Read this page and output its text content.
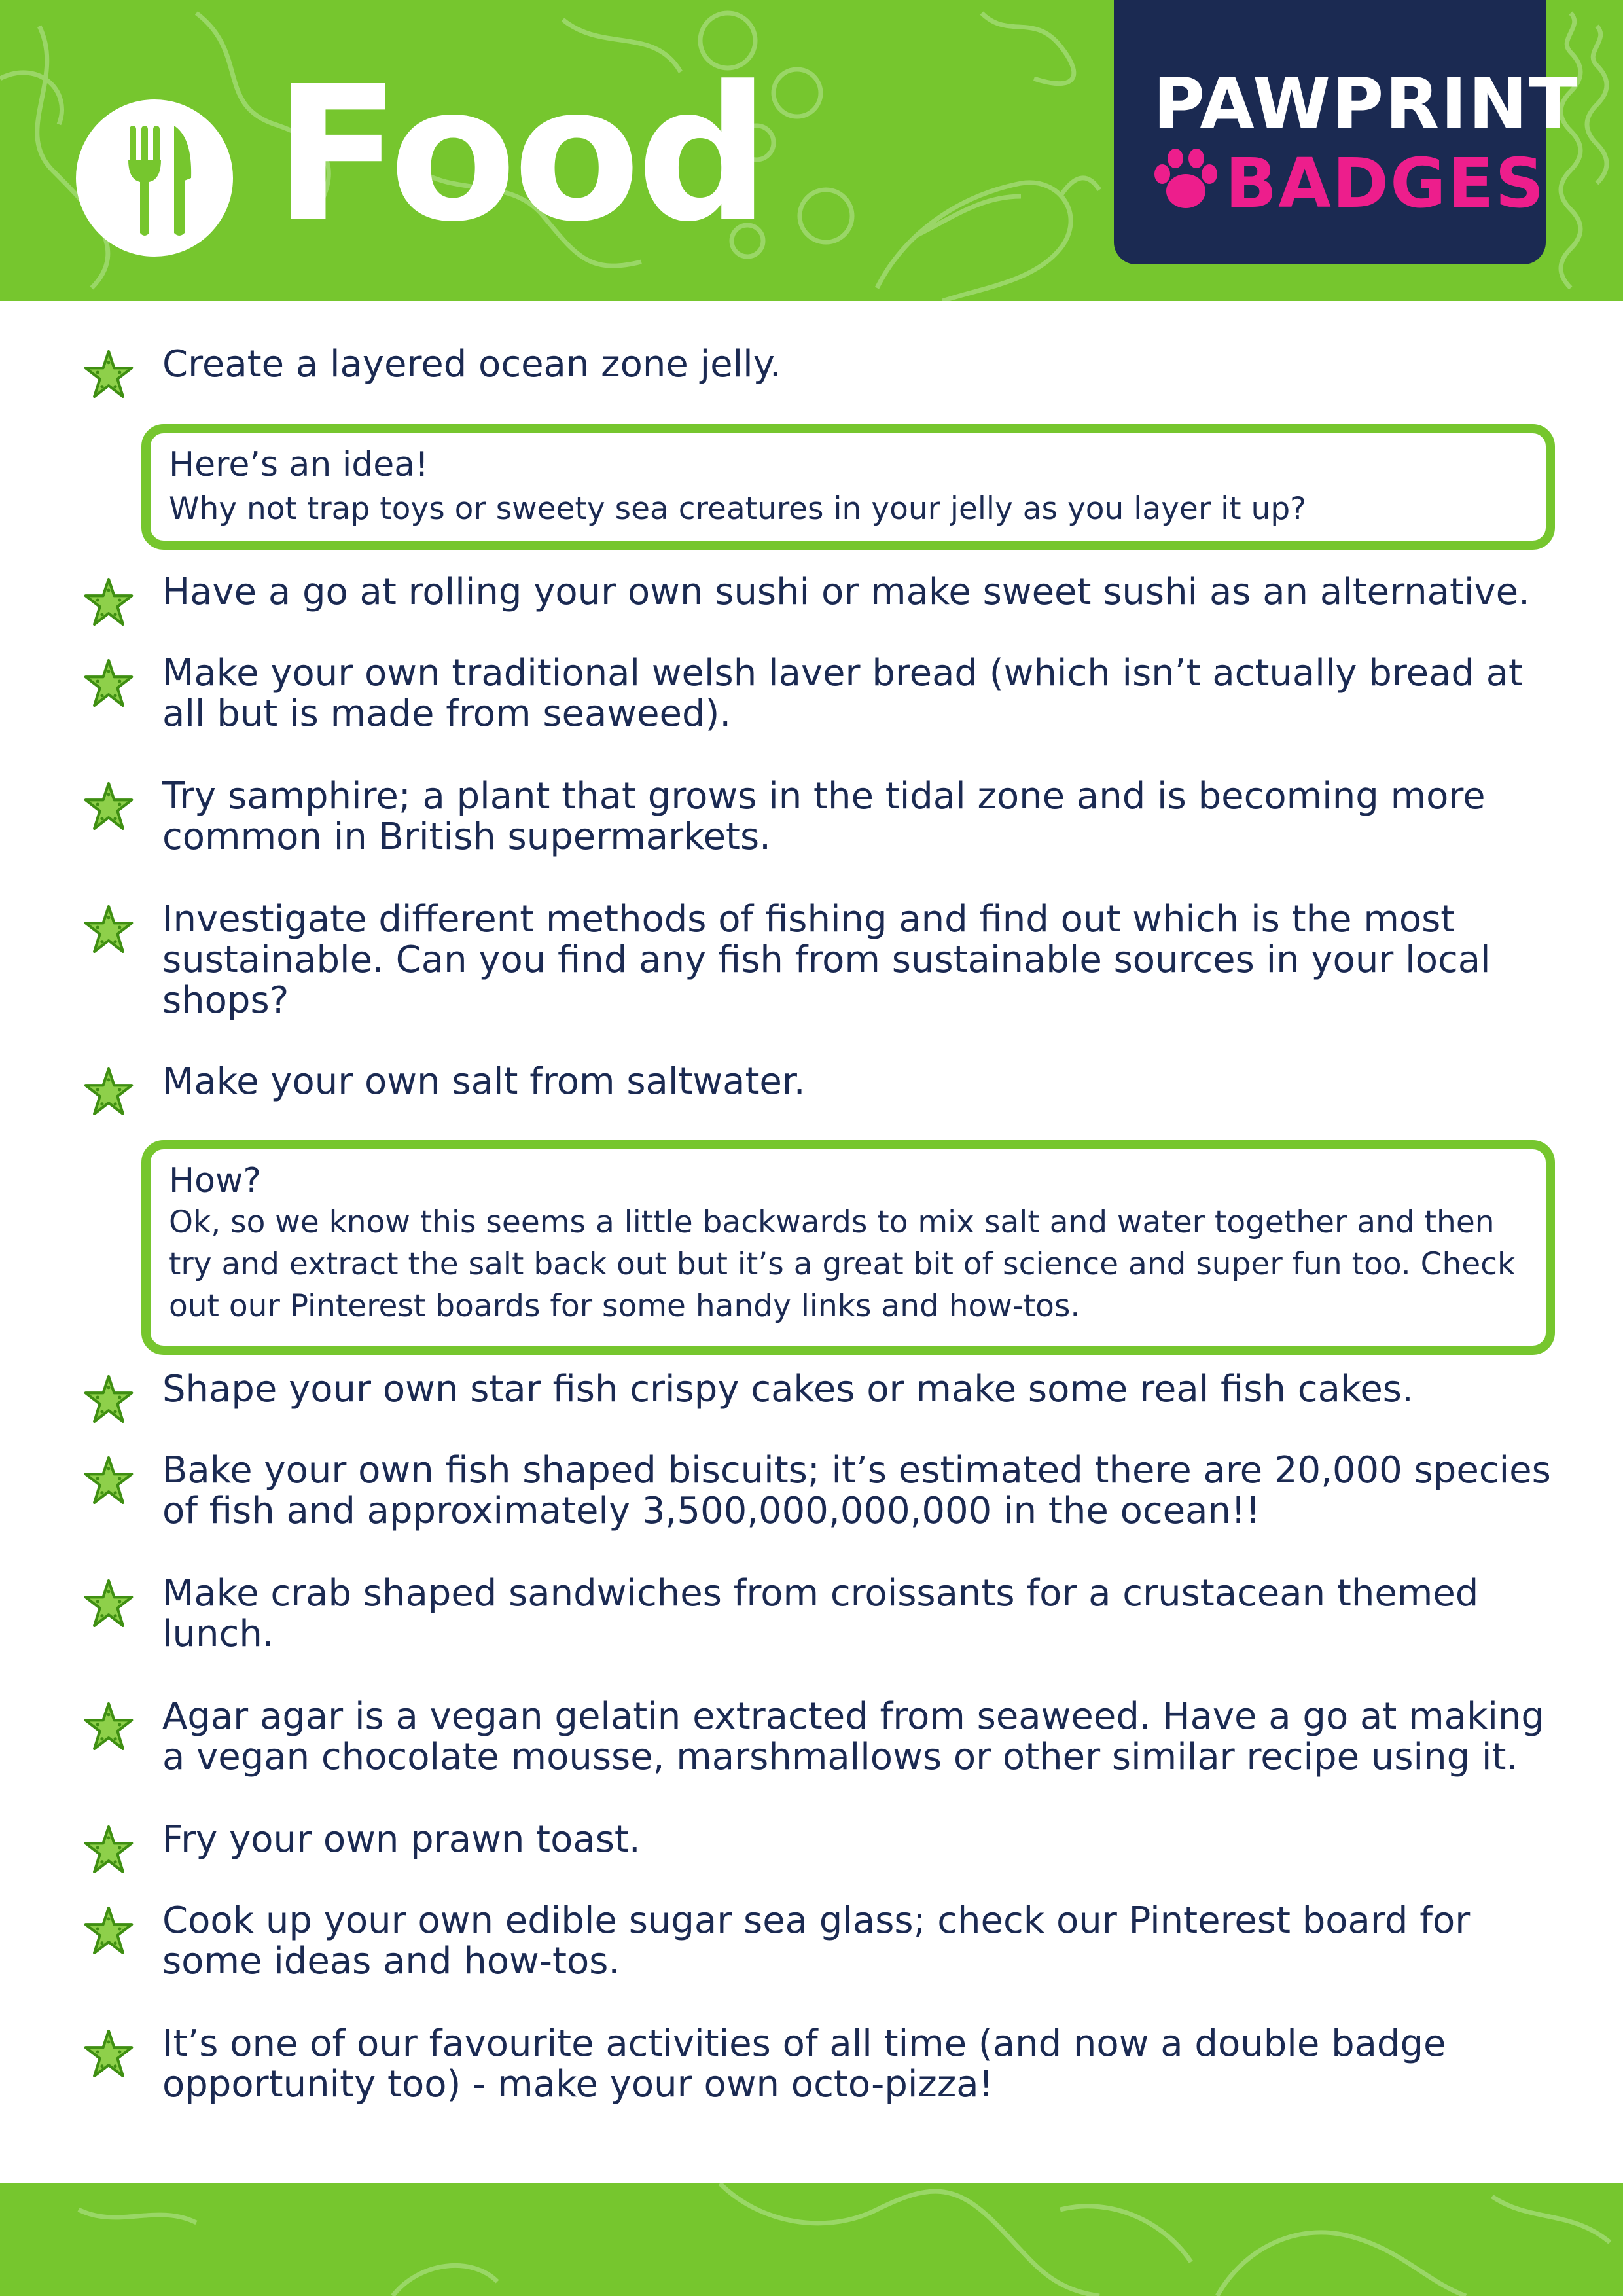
Food	PAWPRINT
BADGES
Create a layered ocean zone jelly.
Here’s an idea!
Why not trap toys or sweety sea creatures in your jelly as you layer it up?
Have a go at rolling your own sushi or make sweet sushi as an alternative.
Make your own traditional welsh laver bread (which isn’t actually bread at all but is made from seaweed).
Try samphire; a plant that grows in the tidal zone and is becoming more common in British supermarkets.
Investigate different methods of fishing and find out which is the most sustainable. Can you find any fish from sustainable sources in your local shops?
Make your own salt from saltwater.
How?
Ok, so we know this seems a little backwards to mix salt and water together and then try and extract the salt back out but it’s a great bit of science and super fun too. Check out our Pinterest boards for some handy links and how-tos.
Shape your own star fish crispy cakes or make some real fish cakes.
Bake your own fish shaped biscuits; it’s estimated there are 20,000 species of fish and approximately 3,500,000,000,000 in the ocean!!
Make crab shaped sandwiches from croissants for a crustacean themed lunch.
Agar agar is a vegan gelatin extracted from seaweed. Have a go at making a vegan chocolate mousse, marshmallows or other similar recipe using it.
Fry your own prawn toast.
Cook up your own edible sugar sea glass; check our Pinterest board for some ideas and how-tos.
It’s one of our favourite activities of all time (and now a double badge opportunity too) - make your own octo-pizza!
